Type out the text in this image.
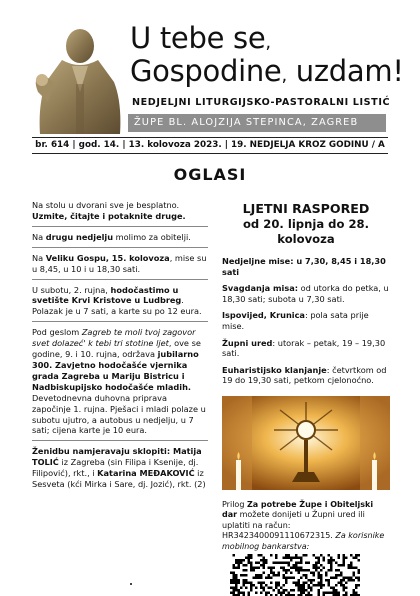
U tebe se,
Gospodine, uzdam!
NEDJELJNI LITURGIJSKO-PASTORALNI LISTIĆ
ŽUPE BL. ALOJZIJA STEPINCA, ZAGREB
br. 614 | god. 14. | 13. kolovoza 2023. | 19. NEDJELJA KROZ GODINU / A
OGLASI
Na stolu u dvorani sve je besplatno. Uzmite, čitajte i potaknite druge.
Na drugu nedjelju molimo za obitelji.
Na Veliku Gospu, 15. kolovoza, mise su u 8,45, u 10 i u 18,30 sati.
U subotu, 2. rujna, hodočastimo u svetište Krvi Kristove u Ludbreg. Polazak je u 7 sati, a karte su po 12 eura.
Pod geslom Zagreb te moli tvoj zagovor svet dolazeć' k tebi tri stotine ljet, ove se godine, 9. i 10. rujna, održava jubilarno 300. Zavjetno hodočašće vjernika grada Zagreba u Mariju Bistricu i Nadbiskupijsko hodočašće mladih. Devetodnevna duhovna priprava započinje 1. rujna. Pješaci i mladi polaze u subotu ujutro, a autobus u nedjelju, u 7 sati; cijena karte je 10 eura.
Ženidbu namjeravaju sklopiti: Matija TOLIĆ iz Zagreba (sin Filipa i Ksenije, dj. Filipović), rkt., i Katarina MEĐAKOVIĆ iz Sesveta (kći Mirka i Sare, dj. Jozić), rkt. (2)
LJETNI RASPORED
od 20. lipnja do 28. kolovoza
Nedjeljne mise: u 7,30, 8,45 i 18,30 sati
Svagdanja misa: od utorka do petka, u 18,30 sati; subota u 7,30 sati.
Ispovijed, Krunica: pola sata prije mise.
Župni ured: utorak – petak, 19 – 19,30 sati.
Euharistijsko klanjanje: četvrtkom od 19 do 19,30 sati, petkom cjelonoćno.
Prilog Za potrebe Župe i Obiteljski dar možete donijeti u Župni ured ili uplatiti na račun: HR3423400091110672315. Za korisnike mobilnog bankarstva:
